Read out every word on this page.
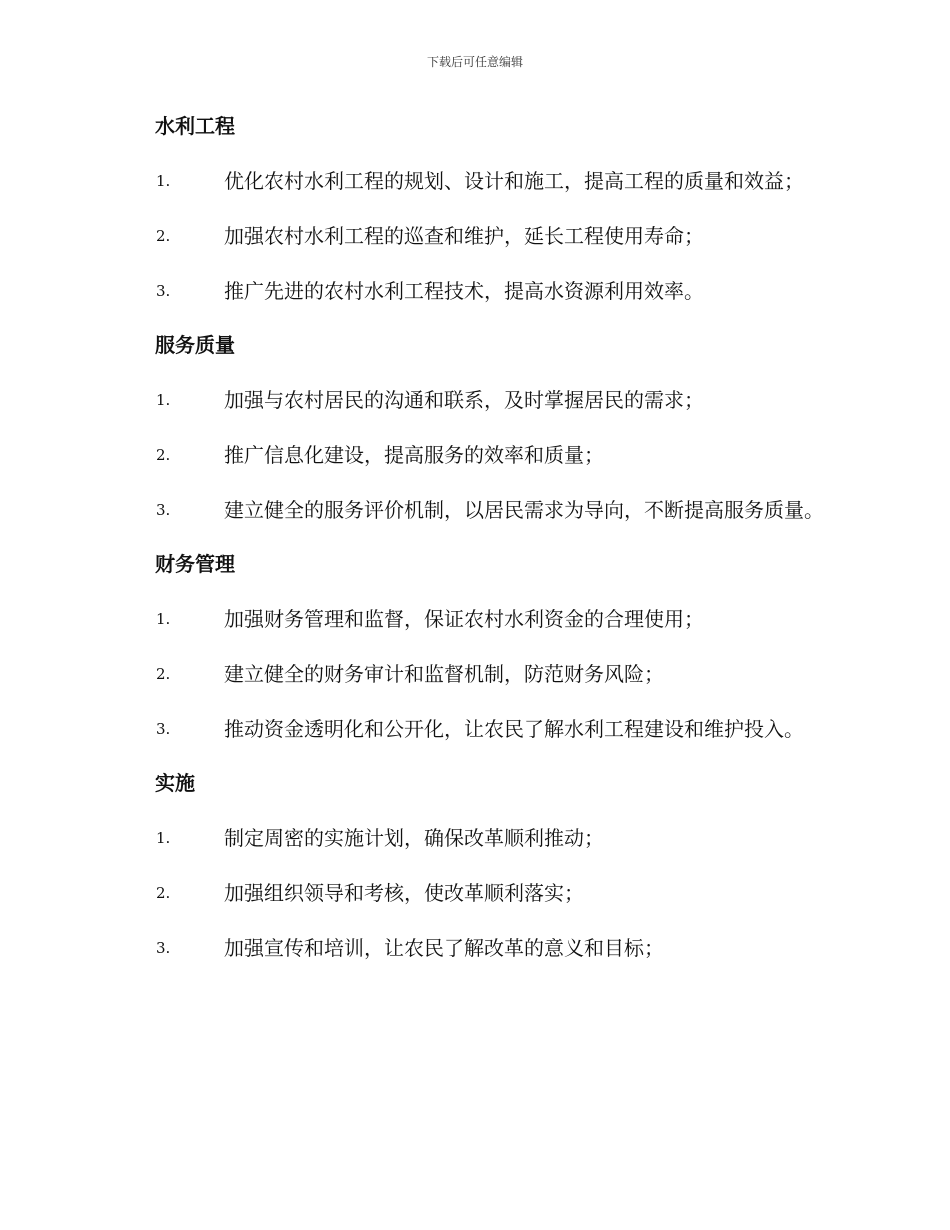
下载后可任意编辑
水利工程
1.	优化农村水利工程的规划、设计和施工，提高工程的质量和效益；
2.	加强农村水利工程的巡查和维护，延长工程使用寿命；
3.	推广先进的农村水利工程技术，提高水资源利用效率。
服务质量
1.	加强与农村居民的沟通和联系，及时掌握居民的需求；
2.	推广信息化建设，提高服务的效率和质量；
3.	建立健全的服务评价机制，以居民需求为导向，不断提高服务质量。
财务管理
1.	加强财务管理和监督，保证农村水利资金的合理使用；
2.	建立健全的财务审计和监督机制，防范财务风险；
3.	推动资金透明化和公开化，让农民了解水利工程建设和维护投入。
实施
1.	制定周密的实施计划，确保改革顺利推动；
2.	加强组织领导和考核，使改革顺利落实；
3.	加强宣传和培训，让农民了解改革的意义和目标；
